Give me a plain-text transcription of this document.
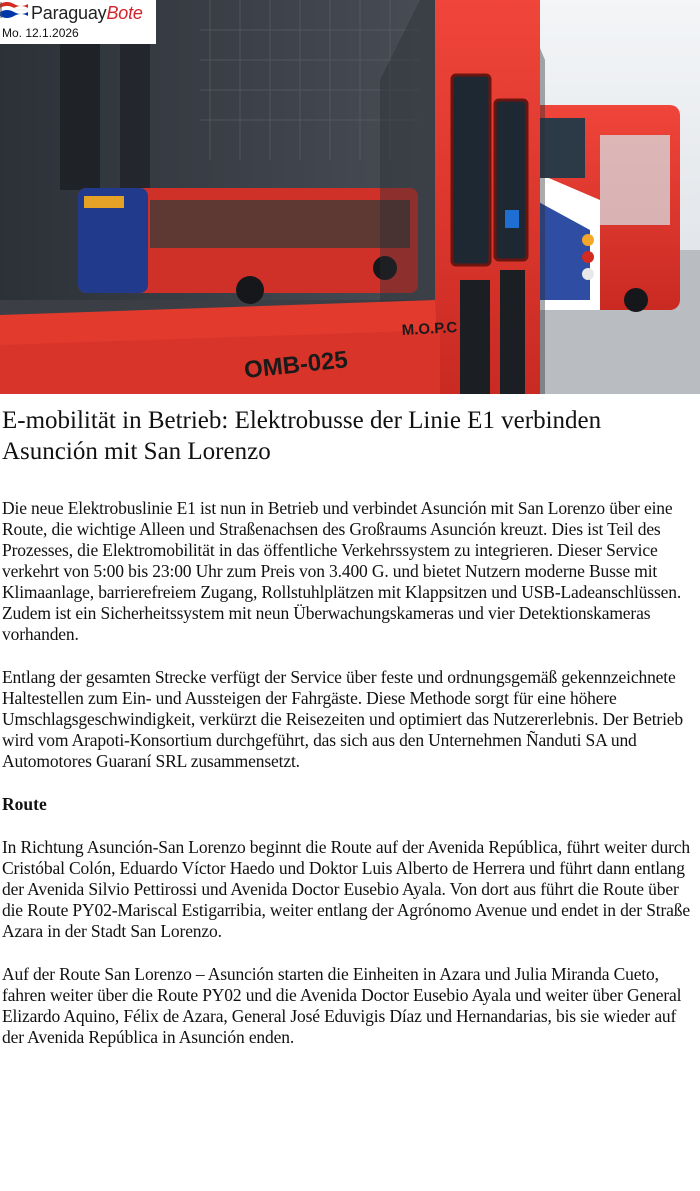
OMB-025
M.O.P.C
ParaguayBote
Mo. 12.1.2026
E-mobilität in Betrieb: Elektrobusse der Linie E1 verbinden Asunción mit San Lorenzo

Die neue Elektrobuslinie E1 ist nun in Betrieb und verbindet Asunción mit San Lorenzo über eine Route, die wichtige Alleen und Straßenachsen des Großraums Asunción kreuzt. Dies ist Teil des Prozesses, die Elektromobilität in das öffentliche Verkehrssystem zu integrieren. Dieser Service verkehrt von 5:00 bis 23:00 Uhr zum Preis von 3.400 G. und bietet Nutzern moderne Busse mit Klimaanlage, barrierefreiem Zugang, Rollstuhlplätzen mit Klappsitzen und USB-Ladeanschlüssen. Zudem ist ein Sicherheitssystem mit neun Überwachungskameras und vier Detektionskameras vorhanden.

Entlang der gesamten Strecke verfügt der Service über feste und ordnungsgemäß gekennzeichnete Haltestellen zum Ein- und Aussteigen der Fahrgäste. Diese Methode sorgt für eine höhere Umschlagsgeschwindigkeit, verkürzt die Reisezeiten und optimiert das Nutzererlebnis. Der Betrieb wird vom Arapoti-Konsortium durchgeführt, das sich aus den Unternehmen Ñanduti SA und Automotores Guaraní SRL zusammensetzt.

Route

In Richtung Asunción-San Lorenzo beginnt die Route auf der Avenida República, führt weiter durch Cristóbal Colón, Eduardo Víctor Haedo und Doktor Luis Alberto de Herrera und führt dann entlang der Avenida Silvio Pettirossi und Avenida Doctor Eusebio Ayala. Von dort aus führt die Route über die Route PY02-Mariscal Estigarribia, weiter entlang der Agrónomo Avenue und endet in der Straße Azara in der Stadt San Lorenzo.

Auf der Route San Lorenzo – Asunción starten die Einheiten in Azara und Julia Miranda Cueto, fahren weiter über die Route PY02 und die Avenida Doctor Eusebio Ayala und weiter über General Elizardo Aquino, Félix de Azara, General José Eduvigis Díaz und Hernandarias, bis sie wieder auf der Avenida República in Asunción enden.
